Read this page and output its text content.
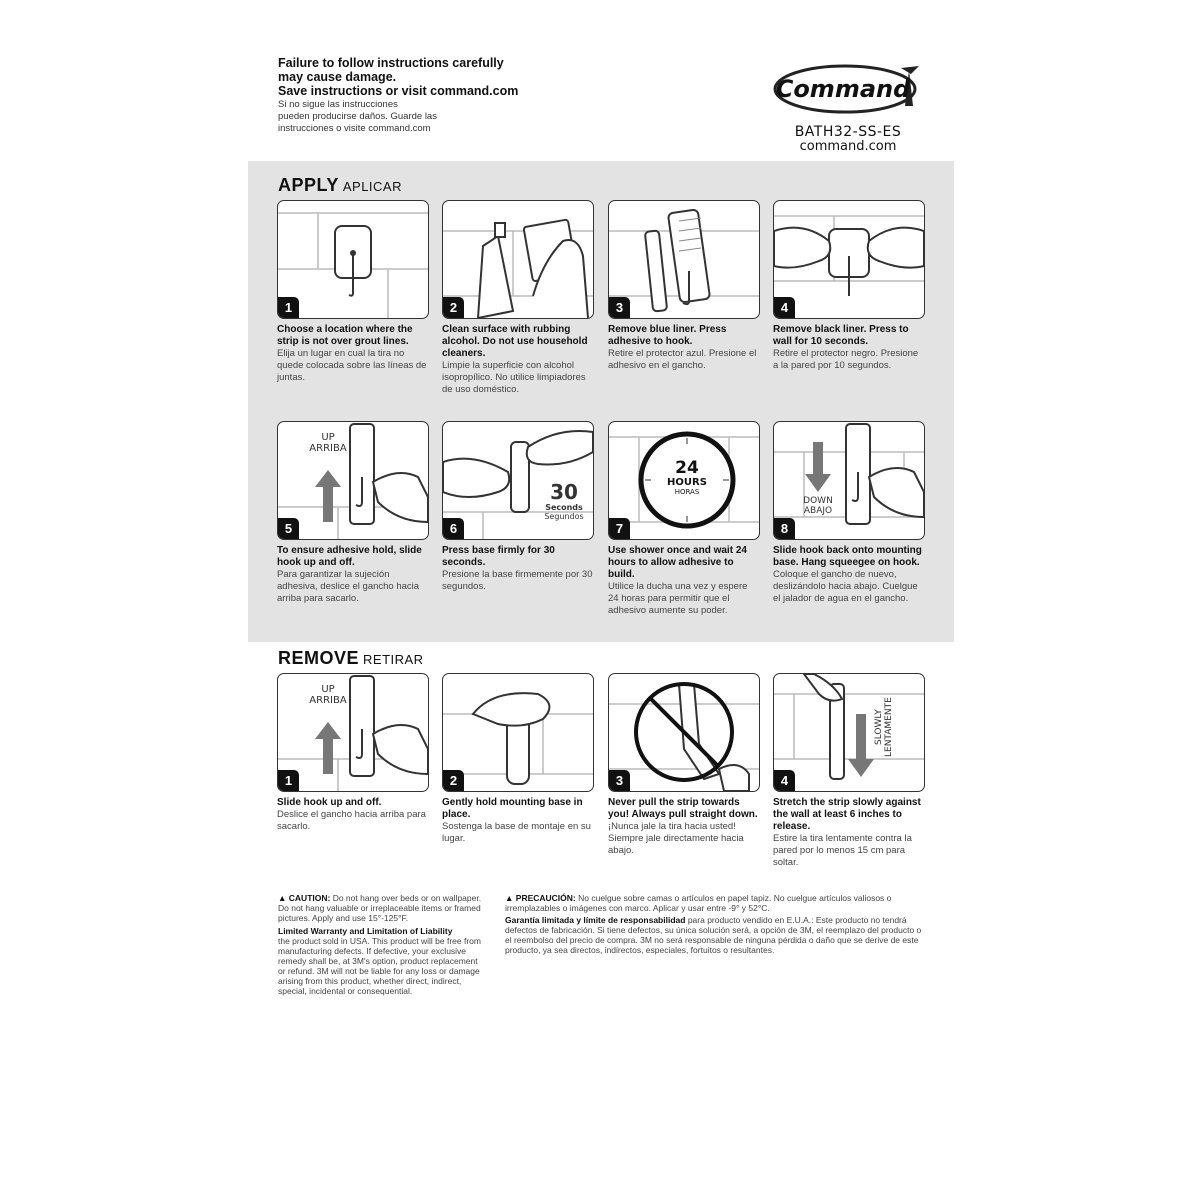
Failure to follow instructions carefully
may cause damage.
Save instructions or visit command.com
Si no sigue las instrucciones
pueden producirse daños. Guarde las
instrucciones o visite command.com
Command
BATH32-SS-ES
command.com
APPLY APLICAR
1
Choose a location where the strip is not over grout lines.
Elija un lugar en cual la tira no quede colocada sobre las líneas de juntas.
2
Clean surface with rubbing alcohol. Do not use household cleaners.
Limpie la superficie con alcohol isopropílico. No utilice limpiadores de uso doméstico.
3
Remove blue liner. Press adhesive to hook.
Retire el protector azul. Presione el adhesivo en el gancho.
4
Remove black liner. Press to wall for 10 seconds.
Retire el protector negro. Presione a la pared por 10 segundos.
UP
ARRIBA
5
To ensure adhesive hold, slide hook up and off.
Para garantizar la sujeción adhesiva, deslice el gancho hacia arriba para sacarlo.
30
Seconds
Segundos
6
Press base firmly for 30 seconds.
Presione la base firmemente por 30 segundos.
24
HOURS
HORAS
7
Use shower once and wait 24 hours to allow adhesive to build.
Utilice la ducha una vez y espere 24 horas para permitir que el adhesivo aumente su poder.
DOWN
ABAJO
8
Slide hook back onto mounting base. Hang squeegee on hook.
Coloque el gancho de nuevo, deslizándolo hacia abajo. Cuelgue el jalador de agua en el gancho.
REMOVE RETIRAR
UP
ARRIBA
1
Slide hook up and off.
Deslice el gancho hacia arriba para sacarlo.
2
Gently hold mounting base in place.
Sostenga la base de montaje en su lugar.
3
Never pull the strip towards you! Always pull straight down.
¡Nunca jale la tira hacia usted! Siempre jale directamente hacia abajo.
SLOWLY LENTAMENTE
4
Stretch the strip slowly against the wall at least 6 inches to release.
Estire la tira lentamente contra la pared por lo menos 15 cm para soltar.
▲ CAUTION: Do not hang over beds or on wallpaper. Do not hang valuable or irreplaceable items or framed pictures. Apply and use 15°-125°F.
Limited Warranty and Limitation of Liability
the product sold in USA. This product will be free from manufacturing defects. If defective, your exclusive remedy shall be, at 3M's option, product replacement or refund. 3M will not be liable for any loss or damage arising from this product, whether direct, indirect, special, incidental or consequential.
▲ PRECAUCIÓN: No cuelgue sobre camas o artículos en papel tapiz. No cuelgue artículos valiosos o irremplazables o imágenes con marco. Aplicar y usar entre -9° y 52°C.
Garantía limitada y límite de responsabilidad para producto vendido en E.U.A.: Este producto no tendrá defectos de fabricación. Si tiene defectos, su única solución será, a opción de 3M, el reemplazo del producto o el reembolso del precio de compra. 3M no será responsable de ninguna pérdida o daño que se derive de este producto, ya sea directos, indirectos, especiales, fortuitos o resultantes.
